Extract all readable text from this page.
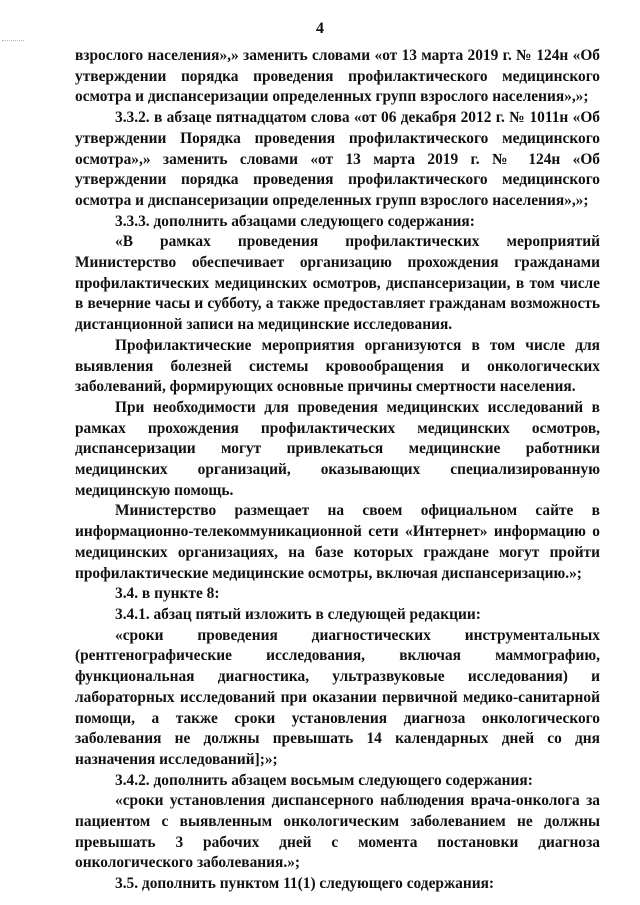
4

взрослого населения»,» заменить словами «от 13 марта 2019 г. № 124н «Об утверждении порядка проведения профилактического медицинского осмотра и диспансеризации определенных групп взрослого населения»,»;

3.3.2. в абзаце пятнадцатом слова «от 06 декабря 2012 г. № 1011н «Об утверждении Порядка проведения профилактического медицинского осмотра»,» заменить словами «от 13 марта 2019 г. № 124н «Об утверждении порядка проведения профилактического медицинского осмотра и диспансеризации определенных групп взрослого населения»,»;

3.3.3. дополнить абзацами следующего содержания:

«В рамках проведения профилактических мероприятий Министерство обеспечивает организацию прохождения гражданами профилактических медицинских осмотров, диспансеризации, в том числе в вечерние часы и субботу, а также предоставляет гражданам возможность дистанционной записи на медицинские исследования.

Профилактические мероприятия организуются в том числе для выявления болезней системы кровообращения и онкологических заболеваний, формирующих основные причины смертности населения.

При необходимости для проведения медицинских исследований в рамках прохождения профилактических медицинских осмотров, диспансеризации могут привлекаться медицинские работники медицинских организаций, оказывающих специализированную медицинскую помощь.

Министерство размещает на своем официальном сайте в информационно-телекоммуникационной сети «Интернет» информацию о медицинских организациях, на базе которых граждане могут пройти профилактические медицинские осмотры, включая диспансеризацию.»;

3.4. в пункте 8:

3.4.1. абзац пятый изложить в следующей редакции:

«сроки проведения диагностических инструментальных (рентгенографические исследования, включая маммографию, функциональная диагностика, ультразвуковые исследования) и лабораторных исследований при оказании первичной медико-санитарной помощи, а также сроки установления диагноза онкологического заболевания не должны превышать 14 календарных дней со дня назначения исследований];»;

3.4.2. дополнить абзацем восьмым следующего содержания:

«сроки установления диспансерного наблюдения врача-онколога за пациентом с выявленным онкологическим заболеванием не должны превышать 3 рабочих дней с момента постановки диагноза онкологического заболевания.»;

3.5. дополнить пунктом 11(1) следующего содержания:
